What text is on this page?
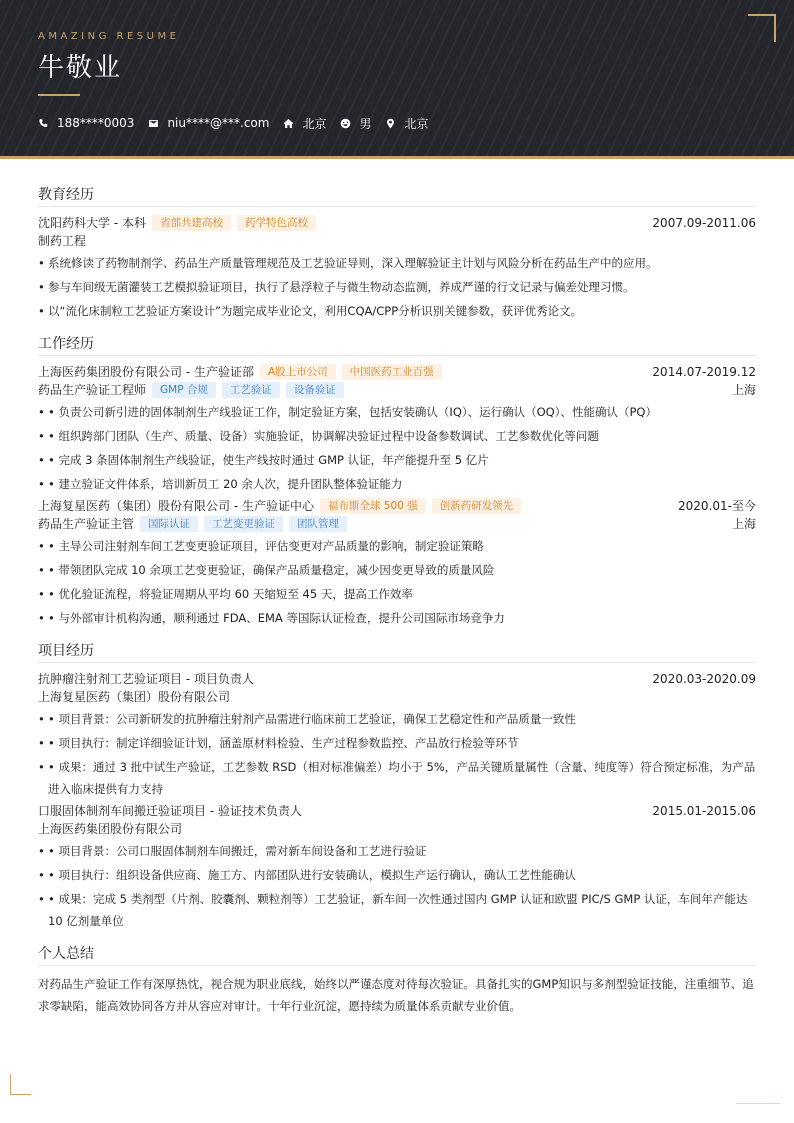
AMAZING RESUME
牛敬业
188****0003	niu****@***.com	北京	男	北京
教育经历
沈阳药科大学 - 本科	省部共建高校	药学特色高校	2007.09-2011.06
制药工程
• 系统修读了药物制剂学、药品生产质量管理规范及工艺验证导则，深入理解验证主计划与风险分析在药品生产中的应用。
• 参与车间级无菌灌装工艺模拟验证项目，执行了悬浮粒子与微生物动态监测，养成严谨的行文记录与偏差处理习惯。
• 以“流化床制粒工艺验证方案设计”为题完成毕业论文，利用CQA/CPP分析识别关键参数，获评优秀论文。
工作经历
上海医药集团股份有限公司 - 生产验证部	A股上市公司	中国医药工业百强	2014.07-2019.12
药品生产验证工程师	GMP 合规	工艺验证	设备验证	上海
• • 负责公司新引进的固体制剂生产线验证工作，制定验证方案，包括安装确认（IQ）、运行确认（OQ）、性能确认（PQ）
• • 组织跨部门团队（生产、质量、设备）实施验证，协调解决验证过程中设备参数调试、工艺参数优化等问题
• • 完成 3 条固体制剂生产线验证，使生产线按时通过 GMP 认证，年产能提升至 5 亿片
• • 建立验证文件体系，培训新员工 20 余人次，提升团队整体验证能力
上海复星医药（集团）股份有限公司 - 生产验证中心	福布斯全球 500 强	创新药研发领先	2020.01-至今
药品生产验证主管	国际认证	工艺变更验证	团队管理	上海
• • 主导公司注射剂车间工艺变更验证项目，评估变更对产品质量的影响，制定验证策略
• • 带领团队完成 10 余项工艺变更验证，确保产品质量稳定，减少因变更导致的质量风险
• • 优化验证流程，将验证周期从平均 60 天缩短至 45 天，提高工作效率
• • 与外部审计机构沟通，顺利通过 FDA、EMA 等国际认证检查，提升公司国际市场竞争力
项目经历
抗肿瘤注射剂工艺验证项目 - 项目负责人	2020.03-2020.09
上海复星医药（集团）股份有限公司
• • 项目背景：公司新研发的抗肿瘤注射剂产品需进行临床前工艺验证，确保工艺稳定性和产品质量一致性
• • 项目执行：制定详细验证计划，涵盖原材料检验、生产过程参数监控、产品放行检验等环节
• • 成果：通过 3 批中试生产验证，工艺参数 RSD（相对标准偏差）均小于 5%，产品关键质量属性（含量、纯度等）符合预定标准，为产品进入临床提供有力支持
口服固体制剂车间搬迁验证项目 - 验证技术负责人	2015.01-2015.06
上海医药集团股份有限公司
• • 项目背景：公司口服固体制剂车间搬迁，需对新车间设备和工艺进行验证
• • 项目执行：组织设备供应商、施工方、内部团队进行安装确认，模拟生产运行确认，确认工艺性能确认
• • 成果：完成 5 类剂型（片剂、胶囊剂、颗粒剂等）工艺验证，新车间一次性通过国内 GMP 认证和欧盟 PIC/S GMP 认证，车间年产能达 10 亿剂量单位
个人总结
对药品生产验证工作有深厚热忱，视合规为职业底线，始终以严谨态度对待每次验证。具备扎实的GMP知识与多剂型验证技能，注重细节、追求零缺陷，能高效协同各方并从容应对审计。十年行业沉淀，愿持续为质量体系贡献专业价值。
